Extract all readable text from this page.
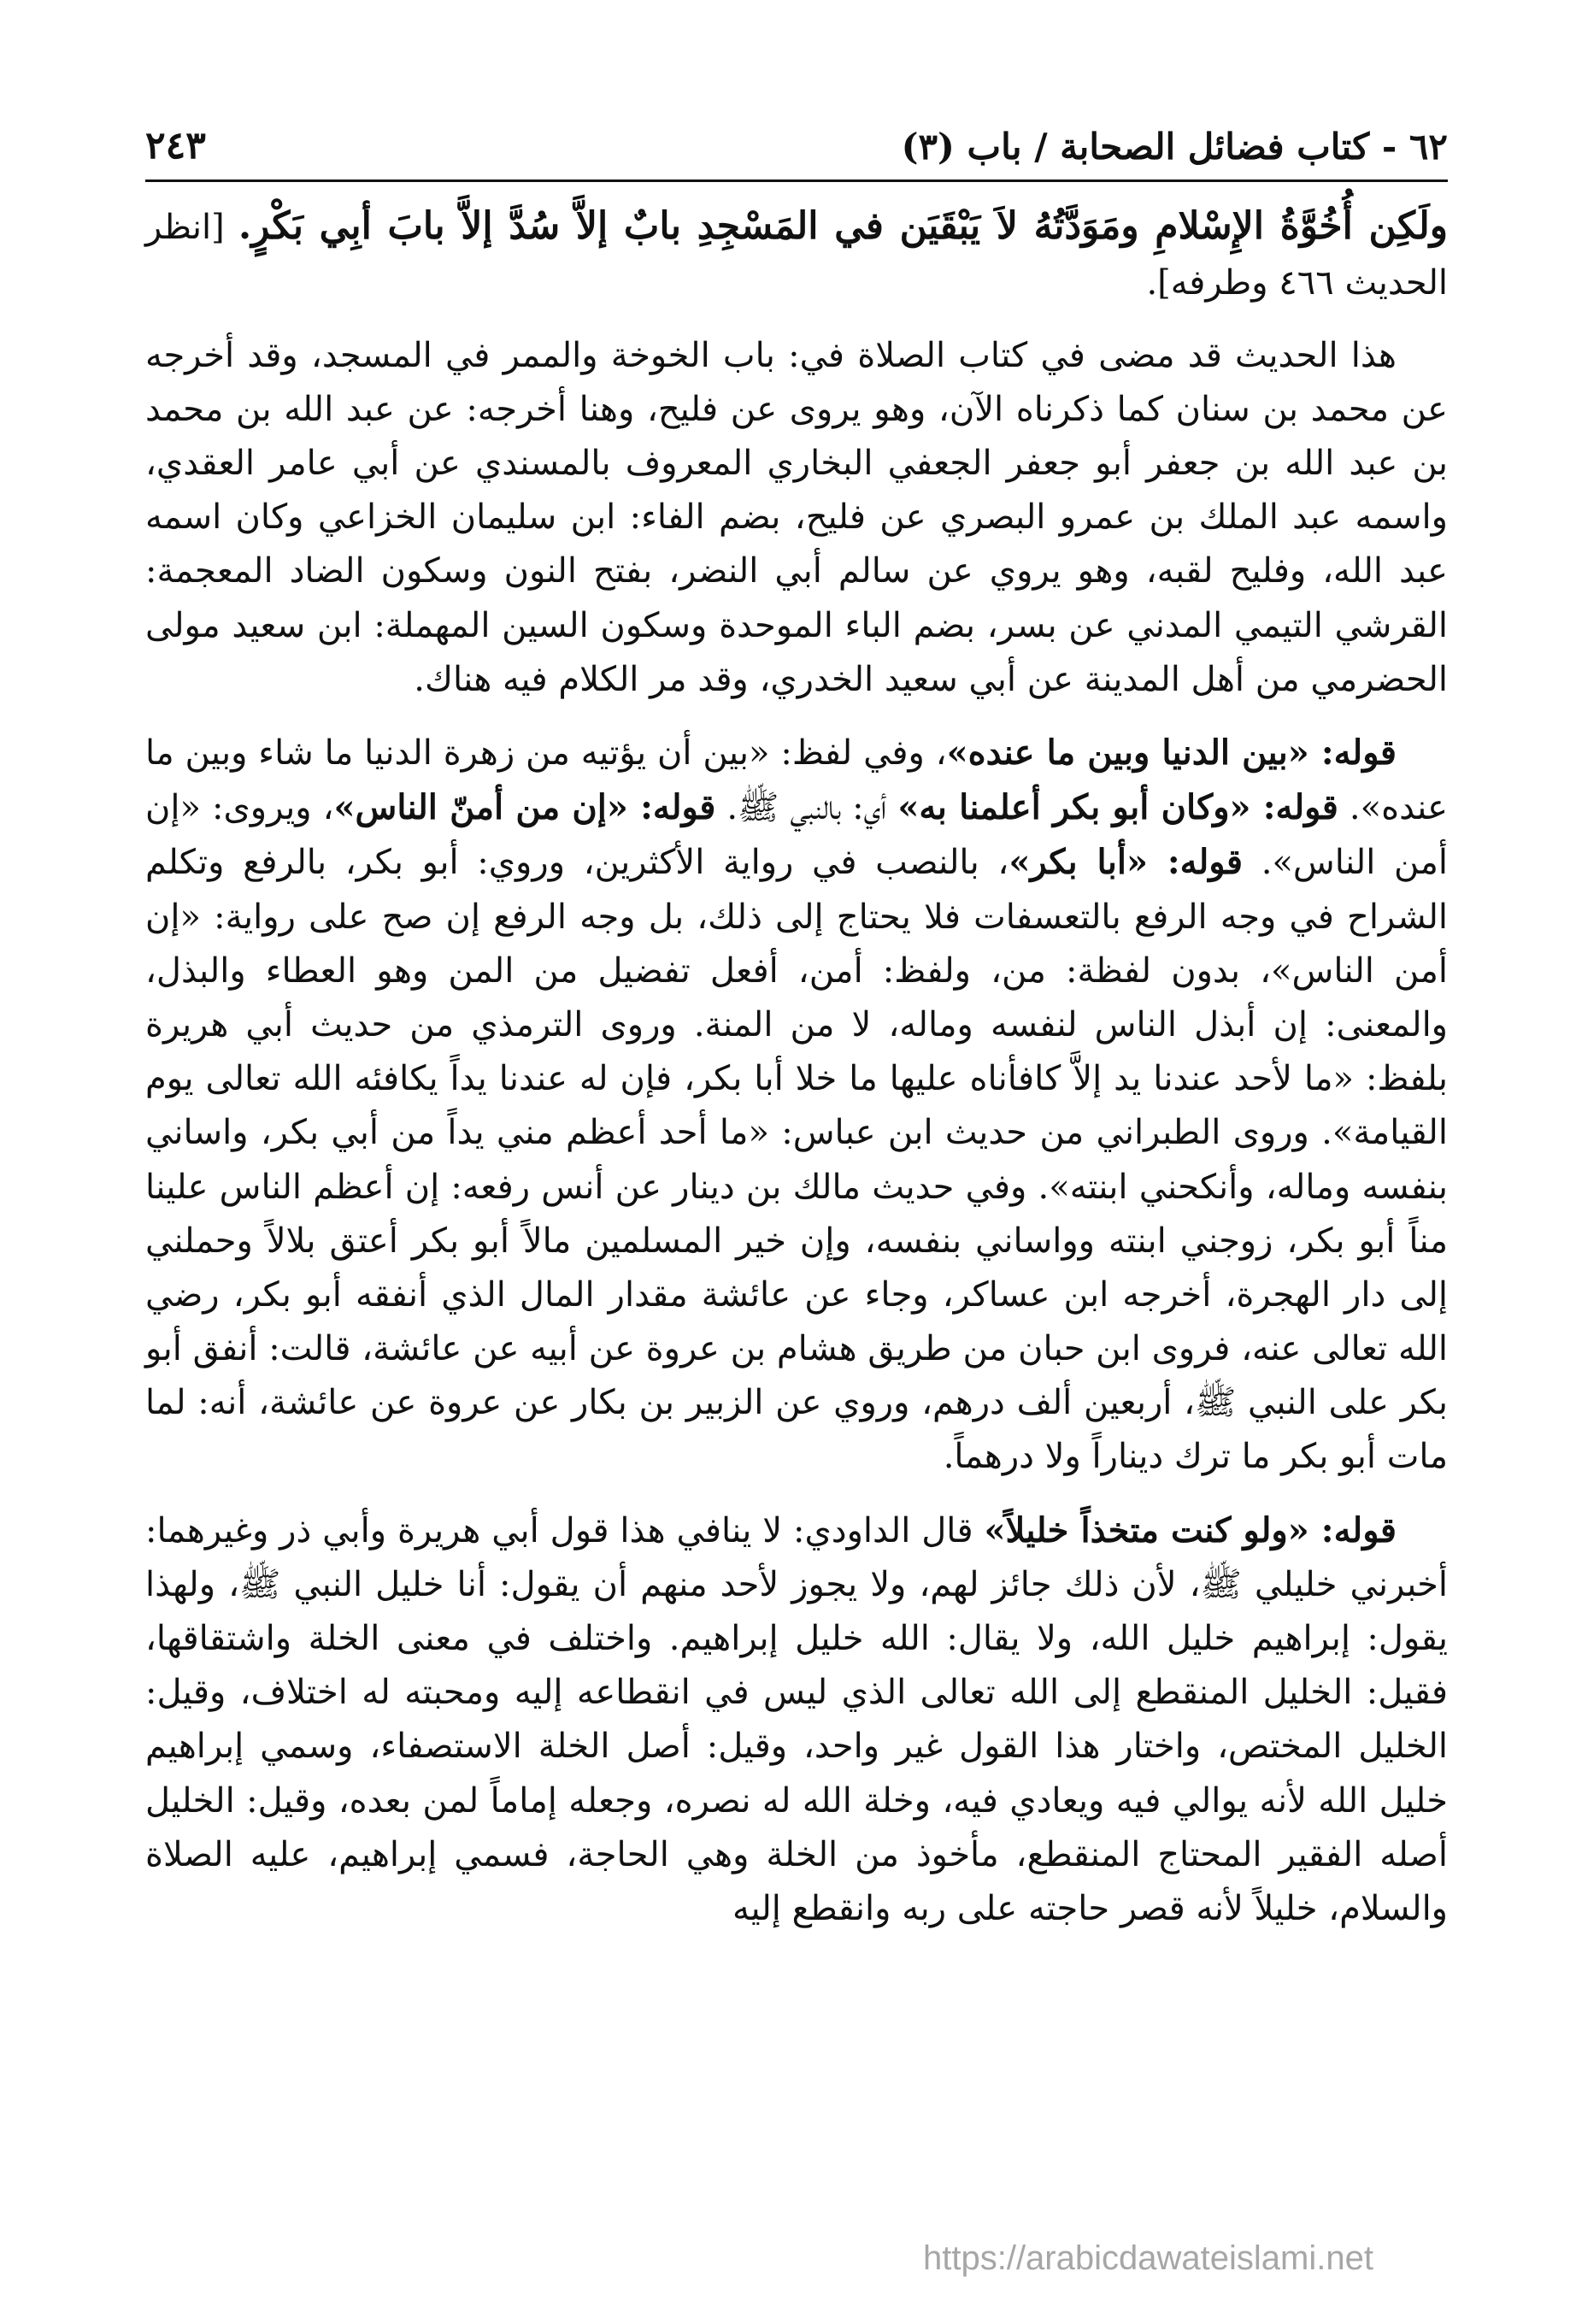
٦٢ - كتاب فضائل الصحابة / باب (٣)
٢٤٣

ولَكِن أُخُوَّةُ الإِسْلامِ ومَوَدَّتُهُ لاَ يَبْقَيَن في المَسْجِدِ بابٌ إلاَّ سُدَّ إلاَّ بابَ أبِي بَكْرٍ. [انظر الحديث ٤٦٦ وطرفه].

هذا الحديث قد مضى في كتاب الصلاة في: باب الخوخة والممر في المسجد، وقد أخرجه عن محمد بن سنان كما ذكرناه الآن، وهو يروى عن فليح، وهنا أخرجه: عن عبد الله بن محمد بن عبد الله بن جعفر أبو جعفر الجعفي البخاري المعروف بالمسندي عن أبي عامر العقدي، واسمه عبد الملك بن عمرو البصري عن فليح، بضم الفاء: ابن سليمان الخزاعي وكان اسمه عبد الله، وفليح لقبه، وهو يروي عن سالم أبي النضر، بفتح النون وسكون الضاد المعجمة: القرشي التيمي المدني عن بسر، بضم الباء الموحدة وسكون السين المهملة: ابن سعيد مولى الحضرمي من أهل المدينة عن أبي سعيد الخدري، وقد مر الكلام فيه هناك.

قوله: «بين الدنيا وبين ما عنده»، وفي لفظ: «بين أن يؤتيه من زهرة الدنيا ما شاء وبين ما عنده». قوله: «وكان أبو بكر أعلمنا به» أي: بالنبي ﷺ. قوله: «إن من أمنّ الناس»، ويروى: «إن أمن الناس». قوله: «أبا بكر»، بالنصب في رواية الأكثرين، وروي: أبو بكر، بالرفع وتكلم الشراح في وجه الرفع بالتعسفات فلا يحتاج إلى ذلك، بل وجه الرفع إن صح على رواية: «إن أمن الناس»، بدون لفظة: من، ولفظ: أمن، أفعل تفضيل من المن وهو العطاء والبذل، والمعنى: إن أبذل الناس لنفسه وماله، لا من المنة. وروى الترمذي من حديث أبي هريرة بلفظ: «ما لأحد عندنا يد إلاَّ كافأناه عليها ما خلا أبا بكر، فإن له عندنا يداً يكافئه الله تعالى يوم القيامة». وروى الطبراني من حديث ابن عباس: «ما أحد أعظم مني يداً من أبي بكر، واساني بنفسه وماله، وأنكحني ابنته». وفي حديث مالك بن دينار عن أنس رفعه: إن أعظم الناس علينا مناً أبو بكر، زوجني ابنته وواساني بنفسه، وإن خير المسلمين مالاً أبو بكر أعتق بلالاً وحملني إلى دار الهجرة، أخرجه ابن عساكر، وجاء عن عائشة مقدار المال الذي أنفقه أبو بكر، رضي الله تعالى عنه، فروى ابن حبان من طريق هشام بن عروة عن أبيه عن عائشة، قالت: أنفق أبو بكر على النبي ﷺ، أربعين ألف درهم، وروي عن الزبير بن بكار عن عروة عن عائشة، أنه: لما مات أبو بكر ما ترك ديناراً ولا درهماً.

قوله: «ولو كنت متخذاً خليلاً» قال الداودي: لا ينافي هذا قول أبي هريرة وأبي ذر وغيرهما: أخبرني خليلي ﷺ، لأن ذلك جائز لهم، ولا يجوز لأحد منهم أن يقول: أنا خليل النبي ﷺ، ولهذا يقول: إبراهيم خليل الله، ولا يقال: الله خليل إبراهيم. واختلف في معنى الخلة واشتقاقها، فقيل: الخليل المنقطع إلى الله تعالى الذي ليس في انقطاعه إليه ومحبته له اختلاف، وقيل: الخليل المختص، واختار هذا القول غير واحد، وقيل: أصل الخلة الاستصفاء، وسمي إبراهيم خليل الله لأنه يوالي فيه ويعادي فيه، وخلة الله له نصره، وجعله إماماً لمن بعده، وقيل: الخليل أصله الفقير المحتاج المنقطع، مأخوذ من الخلة وهي الحاجة، فسمي إبراهيم، عليه الصلاة والسلام، خليلاً لأنه قصر حاجته على ربه وانقطع إليه

https://arabicdawateislami.net
